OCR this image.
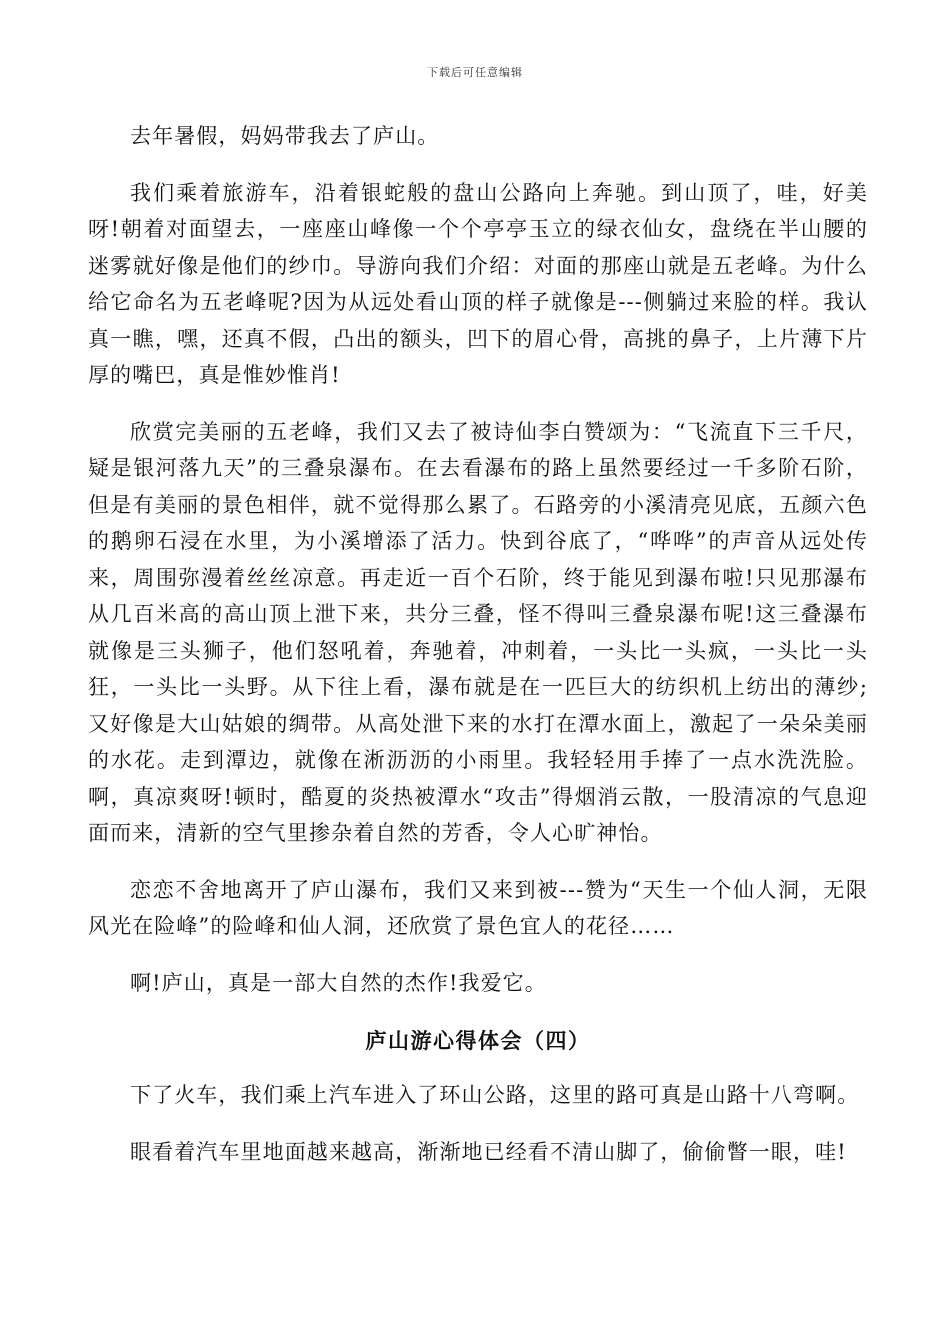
下载后可任意编辑

去年暑假，妈妈带我去了庐山。

我们乘着旅游车，沿着银蛇般的盘山公路向上奔驰。到山顶了，哇，好美呀!朝着对面望去，一座座山峰像一个个亭亭玉立的绿衣仙女，盘绕在半山腰的迷雾就好像是他们的纱巾。导游向我们介绍：对面的那座山就是五老峰。为什么给它命名为五老峰呢?因为从远处看山顶的样子就像是---侧躺过来脸的样。我认真一瞧，嘿，还真不假，凸出的额头，凹下的眉心骨，高挑的鼻子，上片薄下片厚的嘴巴，真是惟妙惟肖!

欣赏完美丽的五老峰，我们又去了被诗仙李白赞颂为：“飞流直下三千尺，疑是银河落九天”的三叠泉瀑布。在去看瀑布的路上虽然要经过一千多阶石阶，但是有美丽的景色相伴，就不觉得那么累了。石路旁的小溪清亮见底，五颜六色的鹅卵石浸在水里，为小溪增添了活力。快到谷底了，“哗哗”的声音从远处传来，周围弥漫着丝丝凉意。再走近一百个石阶，终于能见到瀑布啦!只见那瀑布从几百米高的高山顶上泄下来，共分三叠，怪不得叫三叠泉瀑布呢!这三叠瀑布就像是三头狮子，他们怒吼着，奔驰着，冲刺着，一头比一头疯，一头比一头狂，一头比一头野。从下往上看，瀑布就是在一匹巨大的纺织机上纺出的薄纱;又好像是大山姑娘的绸带。从高处泄下来的水打在潭水面上，激起了一朵朵美丽的水花。走到潭边，就像在淅沥沥的小雨里。我轻轻用手捧了一点水洗洗脸。啊，真凉爽呀!顿时，酷夏的炎热被潭水“攻击”得烟消云散，一股清凉的气息迎面而来，清新的空气里掺杂着自然的芳香，令人心旷神怡。

恋恋不舍地离开了庐山瀑布，我们又来到被---赞为“天生一个仙人洞，无限风光在险峰”的险峰和仙人洞，还欣赏了景色宜人的花径……

啊!庐山，真是一部大自然的杰作!我爱它。

庐山游心得体会（四）

下了火车，我们乘上汽车进入了环山公路，这里的路可真是山路十八弯啊。

眼看着汽车里地面越来越高，渐渐地已经看不清山脚了，偷偷瞥一眼，哇!
